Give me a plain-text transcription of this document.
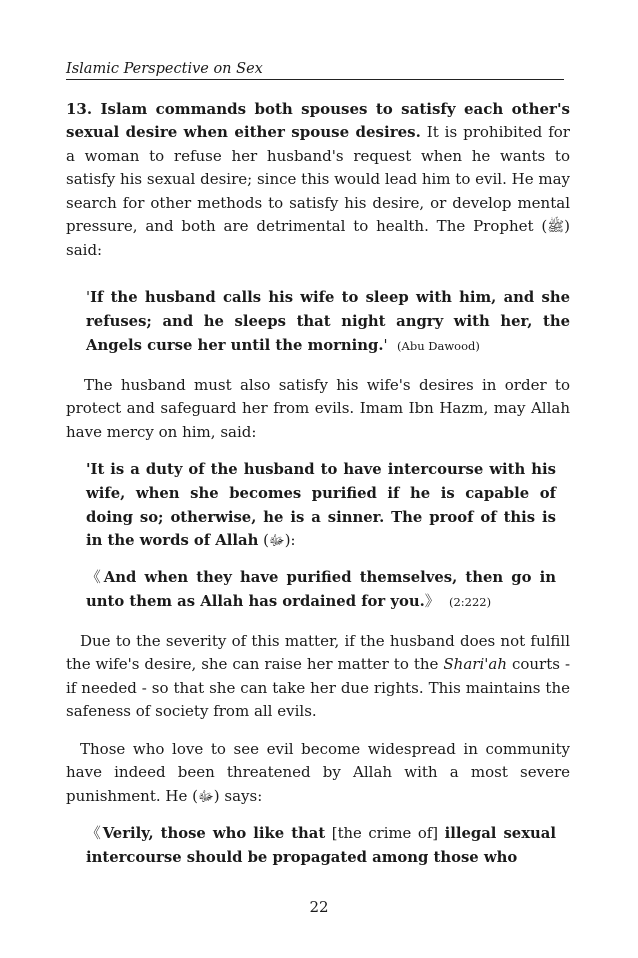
Islamic Perspective on Sex
13. Islam commands both spouses to satisfy each other's sexual desire when either spouse desires. It is prohibited for a woman to refuse her husband's request when he wants to satisfy his sexual desire; since this would lead him to evil. He may search for other methods to satisfy his desire, or develop mental pressure, and both are detrimental to health. The Prophet (ﷺ) said:
'If the husband calls his wife to sleep with him, and she refuses; and he sleeps that night angry with her, the Angels curse her until the morning.' (Abu Dawood)
The husband must also satisfy his wife's desires in order to protect and safeguard her from evils. Imam Ibn Hazm, may Allah have mercy on him, said:
'It is a duty of the husband to have intercourse with his wife, when she becomes purified if he is capable of doing so; otherwise, he is a sinner. The proof of this is in the words of Allah (ﷻ):
《And when they have purified themselves, then go in unto them as Allah has ordained for you.》 (2:222)
Due to the severity of this matter, if the husband does not fulfill the wife's desire, she can raise her matter to the Shari'ah courts - if needed - so that she can take her due rights. This maintains the safeness of society from all evils.
Those who love to see evil become widespread in community have indeed been threatened by Allah with a most severe punishment. He (ﷻ) says:
《Verily, those who like that [the crime of] illegal sexual intercourse should be propagated among those who
22
